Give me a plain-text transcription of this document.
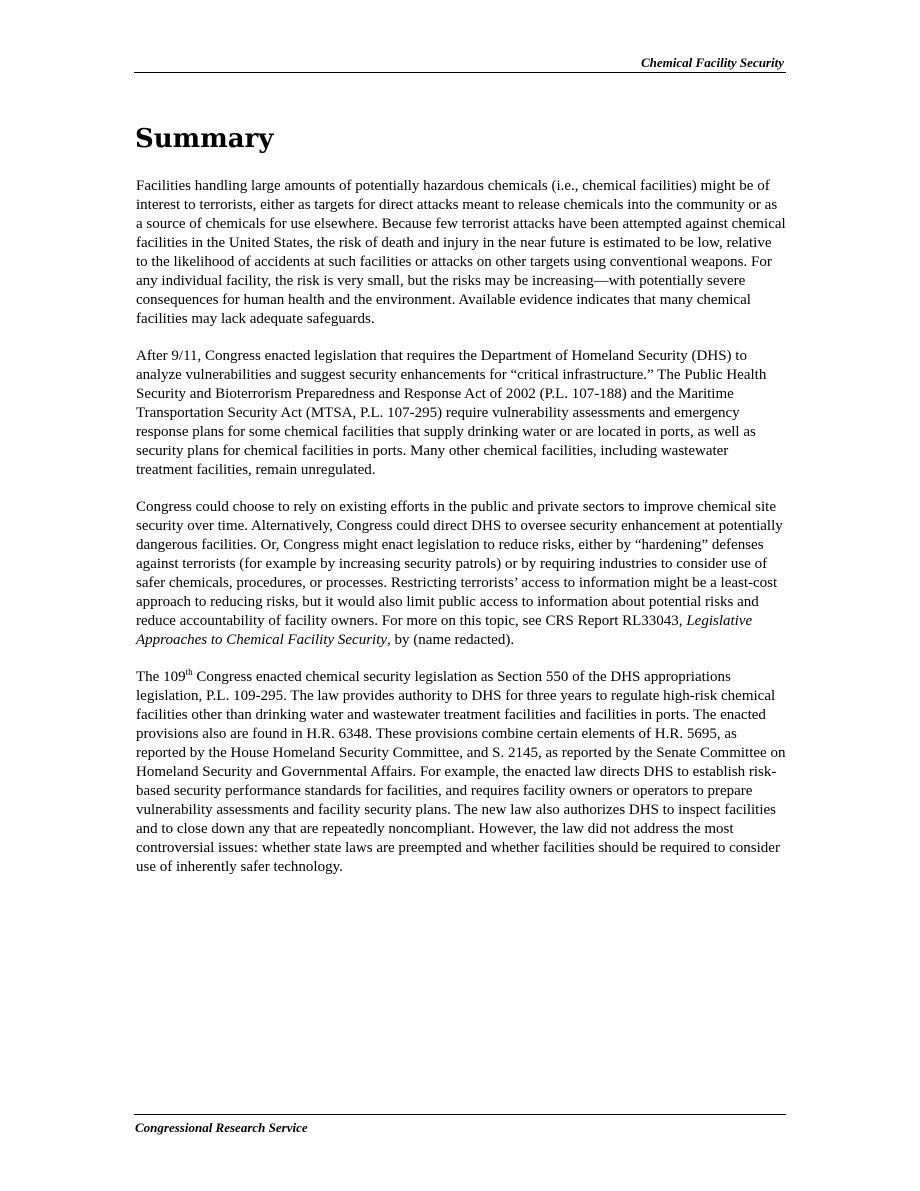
Chemical Facility Security
Summary

Facilities handling large amounts of potentially hazardous chemicals (i.e., chemical facilities) might be of interest to terrorists, either as targets for direct attacks meant to release chemicals into the community or as a source of chemicals for use elsewhere. Because few terrorist attacks have been attempted against chemical facilities in the United States, the risk of death and injury in the near future is estimated to be low, relative to the likelihood of accidents at such facilities or attacks on other targets using conventional weapons. For any individual facility, the risk is very small, but the risks may be increasing—with potentially severe consequences for human health and the environment. Available evidence indicates that many chemical facilities may lack adequate safeguards.

After 9/11, Congress enacted legislation that requires the Department of Homeland Security (DHS) to analyze vulnerabilities and suggest security enhancements for “critical infrastructure.” The Public Health Security and Bioterrorism Preparedness and Response Act of 2002 (P.L. 107-188) and the Maritime Transportation Security Act (MTSA, P.L. 107-295) require vulnerability assessments and emergency response plans for some chemical facilities that supply drinking water or are located in ports, as well as security plans for chemical facilities in ports. Many other chemical facilities, including wastewater treatment facilities, remain unregulated.

Congress could choose to rely on existing efforts in the public and private sectors to improve chemical site security over time. Alternatively, Congress could direct DHS to oversee security enhancement at potentially dangerous facilities. Or, Congress might enact legislation to reduce risks, either by “hardening” defenses against terrorists (for example by increasing security patrols) or by requiring industries to consider use of safer chemicals, procedures, or processes. Restricting terrorists’ access to information might be a least-cost approach to reducing risks, but it would also limit public access to information about potential risks and reduce accountability of facility owners. For more on this topic, see CRS Report RL33043, Legislative Approaches to Chemical Facility Security, by (name redacted).

The 109th Congress enacted chemical security legislation as Section 550 of the DHS appropriations legislation, P.L. 109-295. The law provides authority to DHS for three years to regulate high-risk chemical facilities other than drinking water and wastewater treatment facilities and facilities in ports. The enacted provisions also are found in H.R. 6348. These provisions combine certain elements of H.R. 5695, as reported by the House Homeland Security Committee, and S. 2145, as reported by the Senate Committee on Homeland Security and Governmental Affairs. For example, the enacted law directs DHS to establish risk-based security performance standards for facilities, and requires facility owners or operators to prepare vulnerability assessments and facility security plans. The new law also authorizes DHS to inspect facilities and to close down any that are repeatedly noncompliant. However, the law did not address the most controversial issues: whether state laws are preempted and whether facilities should be required to consider use of inherently safer technology.

Congressional Research Service
